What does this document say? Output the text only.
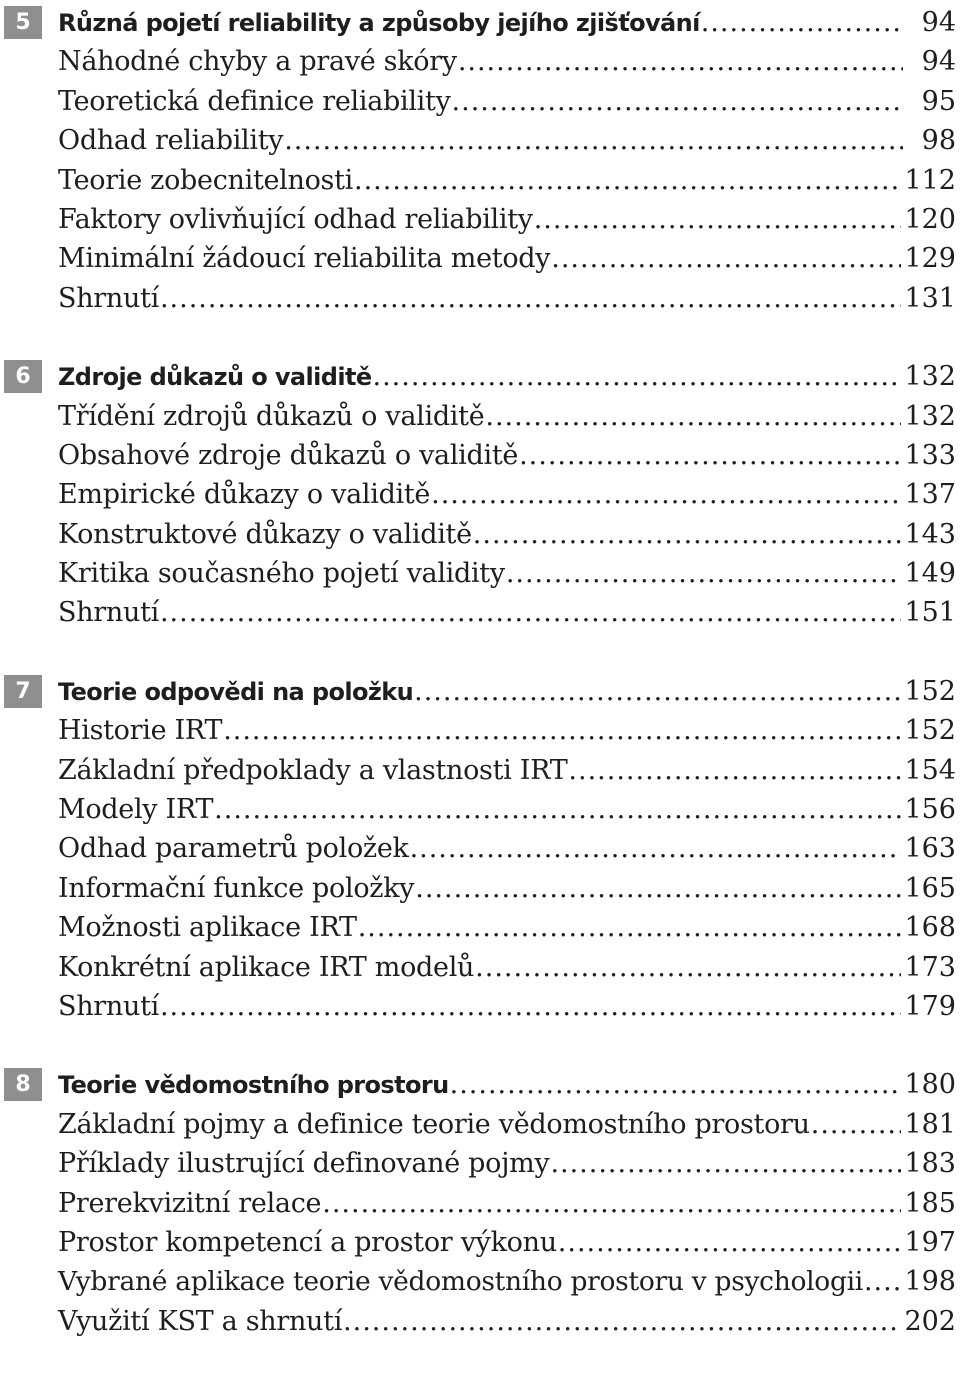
5	Různá pojetí reliability a způsoby jejího zjišťování .....	94
Náhodné chyby a pravé skóry .....	94
Teoretická definice reliability .....	95
Odhad reliability .....	98
Teorie zobecnitelnosti .....	112
Faktory ovlivňující odhad reliability .....	120
Minimální žádoucí reliabilita metody .....	129
Shrnutí .....	131
6	Zdroje důkazů o validitě .....	132
Třídění zdrojů důkazů o validitě .....	132
Obsahové zdroje důkazů o validitě .....	133
Empirické důkazy o validitě .....	137
Konstruktové důkazy o validitě .....	143
Kritika současného pojetí validity .....	149
Shrnutí .....	151
7	Teorie odpovědi na položku .....	152
Historie IRT .....	152
Základní předpoklady a vlastnosti IRT .....	154
Modely IRT .....	156
Odhad parametrů položek .....	163
Informační funkce položky .....	165
Možnosti aplikace IRT .....	168
Konkrétní aplikace IRT modelů .....	173
Shrnutí .....	179
8	Teorie vědomostního prostoru .....	180
Základní pojmy a definice teorie vědomostního prostoru .....	181
Příklady ilustrující definované pojmy .....	183
Prerekvizitní relace .....	185
Prostor kompetencí a prostor výkonu .....	197
Vybrané aplikace teorie vědomostního prostoru v psychologii ..... 198
Využití KST a shrnutí .....	202
